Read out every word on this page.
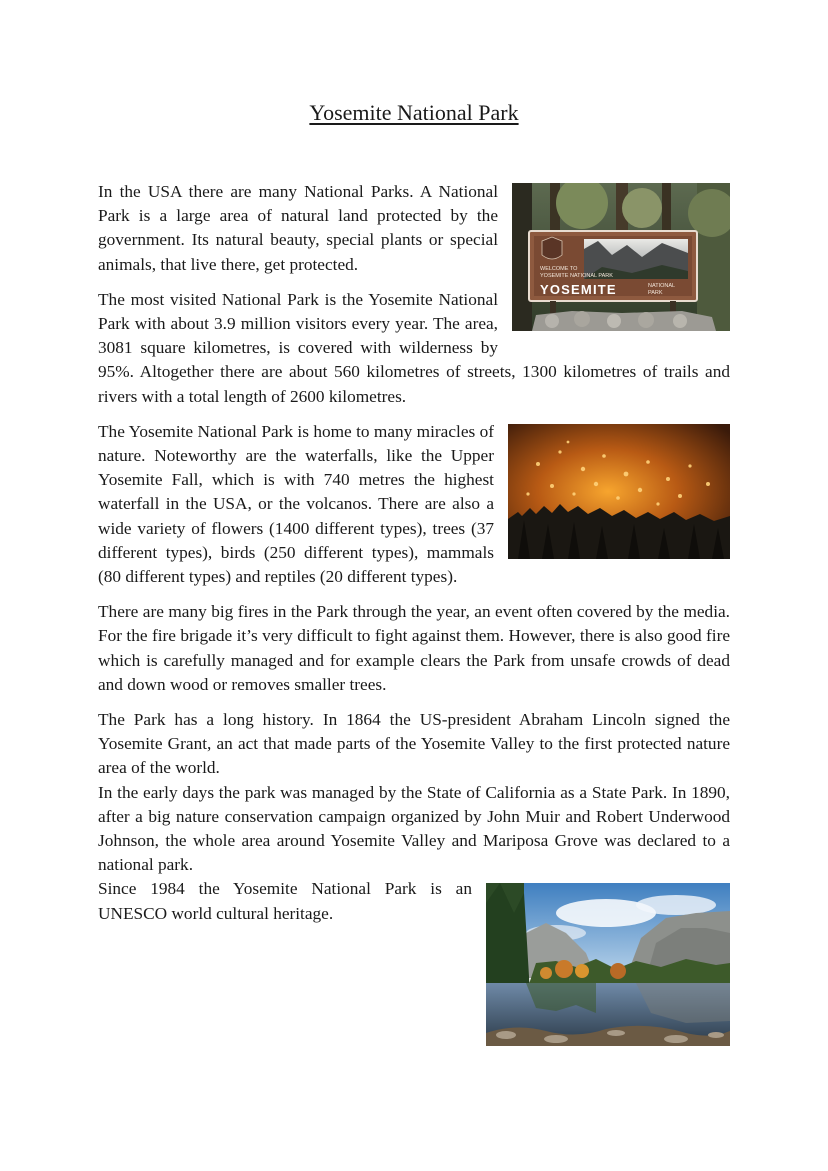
Yosemite National Park
WELCOME TO
YOSEMITE NATIONAL PARK
YOSEMITE	NATIONAL
PARK

In the USA there are many National Parks. A National Park is a large area of natural land protected by the government. Its natural beauty, special plants or special animals, that live there, get protected.

The most visited National Park is the Yosemite National Park with about 3.9 million visitors every year. The area, 3081 square kilometres, is covered with wilderness by 95%. Altogether there are about 560 kilometres of streets, 1300 kilometres of trails and rivers with a total length of 2600 kilometres.

The Yosemite National Park is home to many miracles of nature. Noteworthy are the waterfalls, like the Upper Yosemite Fall, which is with 740 metres the highest waterfall in the USA, or the volcanos. There are also a wide variety of flowers (1400 different types), trees (37 different types), birds (250 different types), mammals (80 different types) and reptiles (20 different types).

There are many big fires in the Park through the year, an event often covered by the media. For the fire brigade it’s very difficult to fight against them. However, there is also good fire which is carefully managed and for example clears the Park from unsafe crowds of dead and down wood or removes smaller trees.

The Park has a long history. In 1864 the US-president Abraham Lincoln signed the Yosemite Grant, an act that made parts of the Yosemite Valley to the first protected nature area of the world.

In the early days the park was managed by the State of California as a State Park. In 1890, after a big nature conservation campaign organized by John Muir and Robert Underwood Johnson, the whole area around Yosemite Valley and Mariposa Grove was declared to a national park.

Since 1984 the Yosemite National Park is an UNESCO world cultural heritage.
